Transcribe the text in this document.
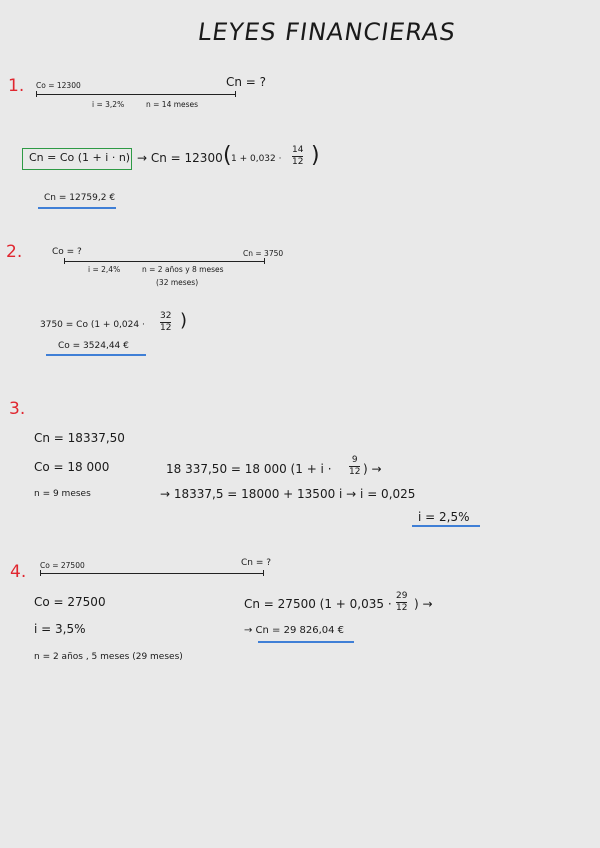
LEYES FINANCIERAS
1. Co = 12300	Cn = ?
i = 3,2%	n = 14 meses
Cn = Co (1 + i · n) → Cn = 12300 ( 1 + 0,032 ·
14
12 )
Cn = 12759,2 €
2.	Co = ?	Cn = 3750
i = 2,4%	n = 2 años y 8 meses
(32 meses)
3750 = Co (1 + 0,024 ·
32
12 )
Co = 3524,44 €
3.
Cn = 18337,50
Co = 18 000
n = 9 meses
18 337,50 = 18 000 (1 + i ·
9
12 ) →
→ 18337,5 = 18000 + 13500 i → i = 0,025
i = 2,5%
4. Co = 27500	Cn = ?
Co = 27500
i = 3,5%
n = 2 años , 5 meses (29 meses)
Cn = 27500 (1 + 0,035 ·
29
12 ) →
→ Cn = 29 826,04 €
